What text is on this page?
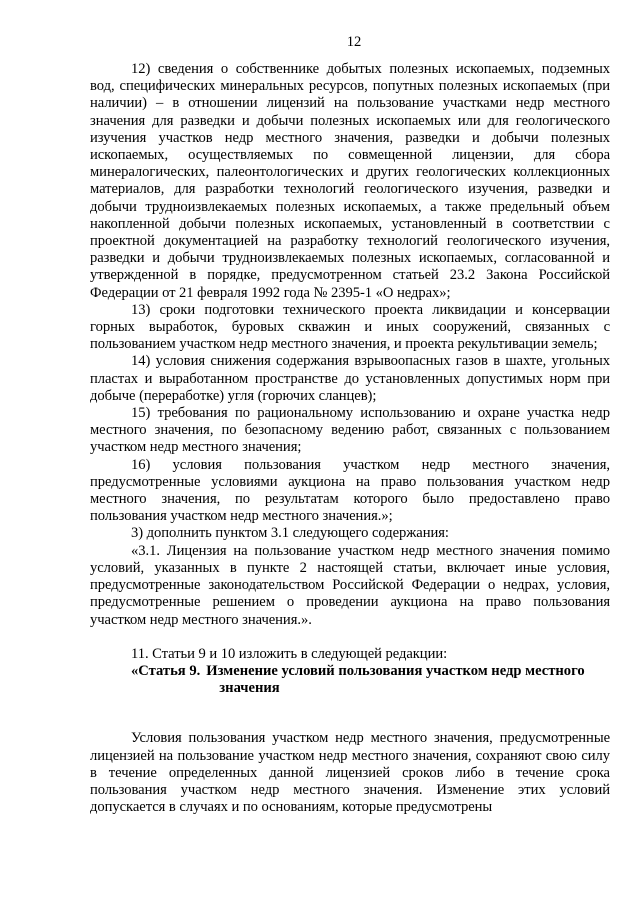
12

12) сведения о собственнике добытых полезных ископаемых, подземных вод, специфических минеральных ресурсов, попутных полезных ископаемых (при наличии) – в отношении лицензий на пользование участками недр местного значения для разведки и добычи полезных ископаемых или для геологического изучения участков недр местного значения, разведки и добычи полезных ископаемых, осуществляемых по совмещенной лицензии, для сбора минералогических, палеонтологических и других геологических коллекционных материалов, для разработки технологий геологического изучения, разведки и добычи трудноизвлекаемых полезных ископаемых, а также предельный объем накопленной добычи полезных ископаемых, установленный в соответствии с проектной документацией на разработку технологий геологического изучения, разведки и добычи трудноизвлекаемых полезных ископаемых, согласованной и утвержденной в порядке, предусмотренном статьей 23.2 Закона Российской Федерации от 21 февраля 1992 года № 2395-1 «О недрах»;

13) сроки подготовки технического проекта ликвидации и консервации горных выработок, буровых скважин и иных сооружений, связанных с пользованием участком недр местного значения, и проекта рекультивации земель;

14) условия снижения содержания взрывоопасных газов в шахте, угольных пластах и выработанном пространстве до установленных допустимых норм при добыче (переработке) угля (горючих сланцев);

15) требования по рациональному использованию и охране участка недр местного значения, по безопасному ведению работ, связанных с пользованием участком недр местного значения;

16) условия пользования участком недр местного значения, предусмотренные условиями аукциона на право пользования участком недр местного значения, по результатам которого было предоставлено право пользования участком недр местного значения.»;

3) дополнить пунктом 3.1 следующего содержания:

«3.1. Лицензия на пользование участком недр местного значения помимо условий, указанных в пункте 2 настоящей статьи, включает иные условия, предусмотренные законодательством Российской Федерации о недрах, условия, предусмотренные решением о проведении аукциона на право пользования участком недр местного значения.».

11. Статьи 9 и 10 изложить в следующей редакции:

« Статья 9. Изменение условий пользования участком недр местного
значения

Условия пользования участком недр местного значения, предусмотренные лицензией на пользование участком недр местного значения, сохраняют свою силу в течение определенных данной лицензией сроков либо в течение срока пользования участком недр местного значения. Изменение этих условий допускается в случаях и по основаниям, которые предусмотрены
